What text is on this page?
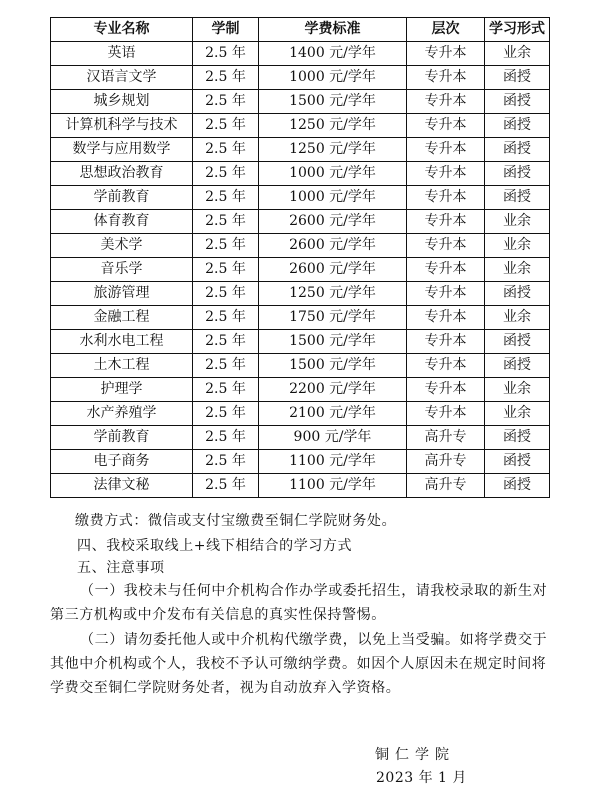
专业名称	学制	学费标准	层次	学习形式
英语	2.5 年	1400 元/学年	专升本	业余
汉语言文学	2.5 年	1000 元/学年	专升本	函授
城乡规划	2.5 年	1500 元/学年	专升本	函授
计算机科学与技术	2.5 年	1250 元/学年	专升本	函授
数学与应用数学	2.5 年	1250 元/学年	专升本	函授
思想政治教育	2.5 年	1000 元/学年	专升本	函授
学前教育	2.5 年	1000 元/学年	专升本	函授
体育教育	2.5 年	2600 元/学年	专升本	业余
美术学	2.5 年	2600 元/学年	专升本	业余
音乐学	2.5 年	2600 元/学年	专升本	业余
旅游管理	2.5 年	1250 元/学年	专升本	函授
金融工程	2.5 年	1750 元/学年	专升本	业余
水利水电工程	2.5 年	1500 元/学年	专升本	函授
土木工程	2.5 年	1500 元/学年	专升本	函授
护理学	2.5 年	2200 元/学年	专升本	业余
水产养殖学	2.5 年	2100 元/学年	专升本	业余
学前教育	2.5 年	900 元/学年	高升专	函授
电子商务	2.5 年	1100 元/学年	高升专	函授
法律文秘	2.5 年	1100 元/学年	高升专	函授

缴费方式：微信或支付宝缴费至铜仁学院财务处。

四、我校采取线上+线下相结合的学习方式

五、注意事项

（一）我校未与任何中介机构合作办学或委托招生，请我校录取的新生对第三方机构或中介发布有关信息的真实性保持警惕。

（二）请勿委托他人或中介机构代缴学费，以免上当受骗。如将学费交于其他中介机构或个人，我校不予认可缴纳学费。如因个人原因未在规定时间将学费交至铜仁学院财务处者，视为自动放弃入学资格。

铜仁学院

2023 年 1 月
